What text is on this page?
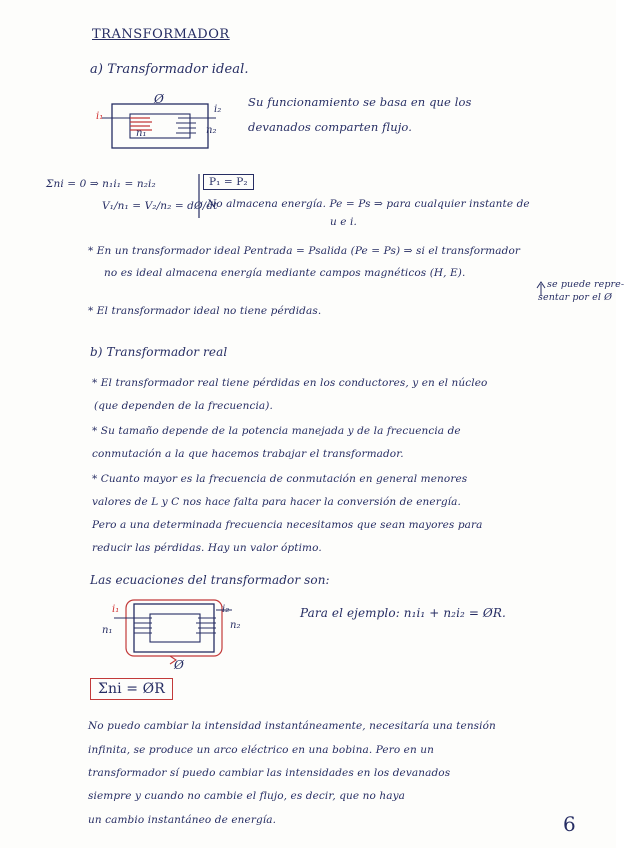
TRANSFORMADOR
a) Transformador ideal.
Ø
i₁
i₂
n₁	n₂
Su funcionamiento se basa en que los
devanados comparten flujo.
Σni = 0 ⇒ n₁i₁ = n₂i₂	P₁ = P₂
V₁/n₁ = V₂/n₂ = dØ/dt
No almacena energía. Pe = Ps ⇒ para cualquier instante de
u e i.
* En un transformador ideal Pentrada = Psalida (Pe = Ps) ⇒ si el transformador
no es ideal almacena energía mediante campos magnéticos (H, E).
* El transformador ideal no tiene pérdidas.
se puede repre-
sentar por el Ø
b) Transformador real
* El transformador real tiene pérdidas en los conductores, y en el núcleo
(que dependen de la frecuencia).
* Su tamaño depende de la potencia manejada y de la frecuencia de
conmutación a la que hacemos trabajar el transformador.
* Cuanto mayor es la frecuencia de conmutación en general menores
valores de L y C nos hace falta para hacer la conversión de energía.
Pero a una determinada frecuencia necesitamos que sean mayores para
reducir las pérdidas. Hay un valor óptimo.
Las ecuaciones del transformador son:
i₁	i₂
n₁	n₂
Ø
Para el ejemplo: n₁i₁ + n₂i₂ = ØR.
Σni = ØR
No puedo cambiar la intensidad instantáneamente, necesitaría una tensión
infinita, se produce un arco eléctrico en una bobina. Pero en un
transformador sí puedo cambiar las intensidades en los devanados
siempre y cuando no cambie el flujo, es decir, que no haya
un cambio instantáneo de energía.	6
